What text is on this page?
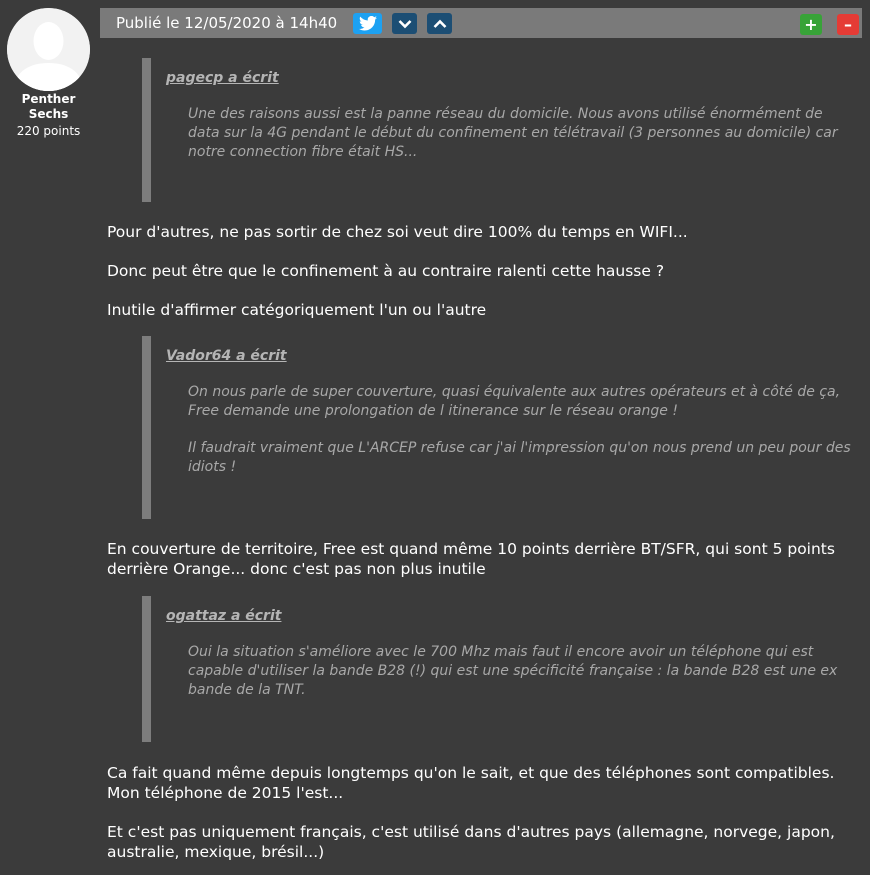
Penther Sechs
220 points
Publié le 12/05/2020 à 14h40	+ –
pagecp a écrit

Une des raisons aussi est la panne réseau du domicile. Nous avons utilisé énormément de data sur la 4G pendant le début du confinement en télétravail (3 personnes au domicile) car notre connection fibre était HS...

Pour d'autres, ne pas sortir de chez soi veut dire 100% du temps en WIFI...

Donc peut être que le confinement à au contraire ralenti cette hausse ?

Inutile d'affirmer catégoriquement l'un ou l'autre

Vador64 a écrit

On nous parle de super couverture, quasi équivalente aux autres opérateurs et à côté de ça, Free demande une prolongation de l itinerance sur le réseau orange !

Il faudrait vraiment que L'ARCEP refuse car j'ai l'impression qu'on nous prend un peu pour des idiots !

En couverture de territoire, Free est quand même 10 points derrière BT/SFR, qui sont 5 points derrière Orange... donc c'est pas non plus inutile

ogattaz a écrit

Oui la situation s'améliore avec le 700 Mhz mais faut il encore avoir un téléphone qui est capable d'utiliser la bande B28 (!) qui est une spécificité française : la bande B28 est une ex bande de la TNT.

Ca fait quand même depuis longtemps qu'on le sait, et que des téléphones sont compatibles. Mon téléphone de 2015 l'est...

Et c'est pas uniquement français, c'est utilisé dans d'autres pays (allemagne, norvege, japon, australie, mexique, brésil...)
